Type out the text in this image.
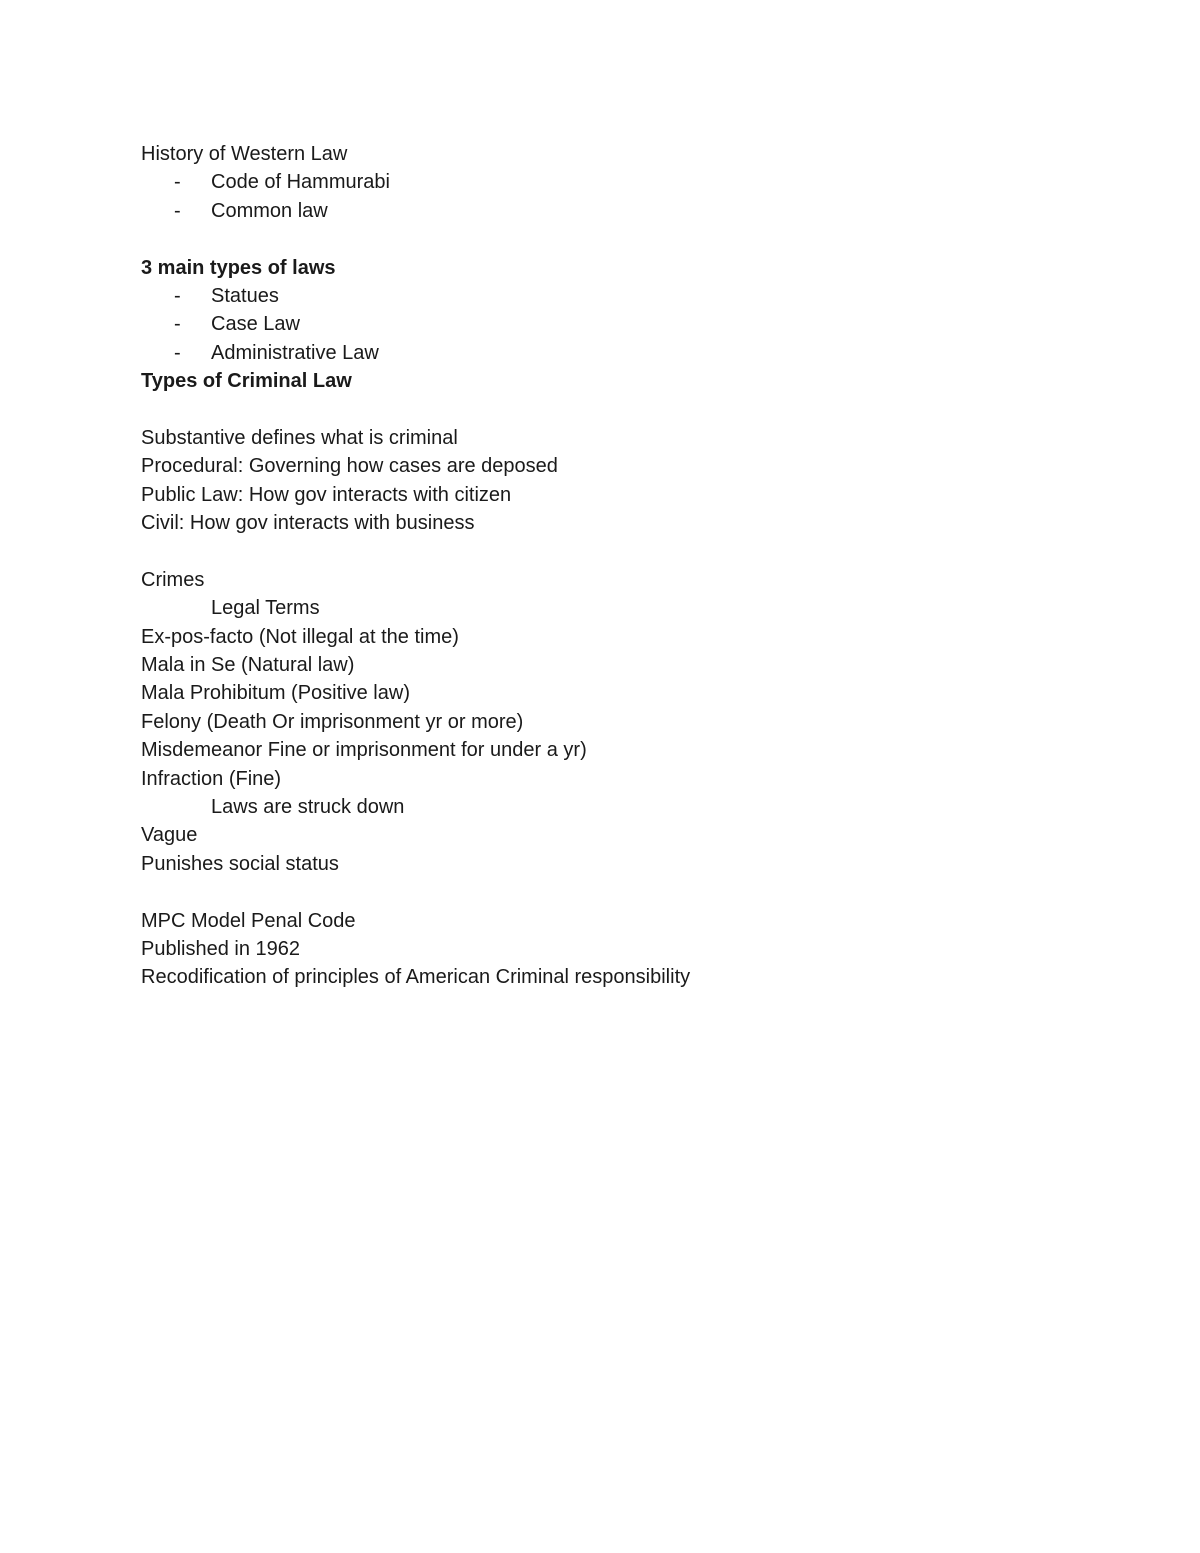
History of Western Law
- Code of Hammurabi
- Common law
3 main types of laws
- Statues
- Case Law
- Administrative Law
Types of Criminal Law
Substantive defines what is criminal
Procedural: Governing how cases are deposed
Public Law: How gov interacts with citizen
Civil: How gov interacts with business
Crimes
Legal Terms
Ex-pos-facto (Not illegal at the time)
Mala in Se (Natural law)
Mala Prohibitum (Positive law)
Felony (Death Or imprisonment yr or more)
Misdemeanor Fine or imprisonment for under a yr)
Infraction (Fine)
Laws are struck down
Vague
Punishes social status
MPC Model Penal Code
Published in 1962
Recodification of principles of American Criminal responsibility
